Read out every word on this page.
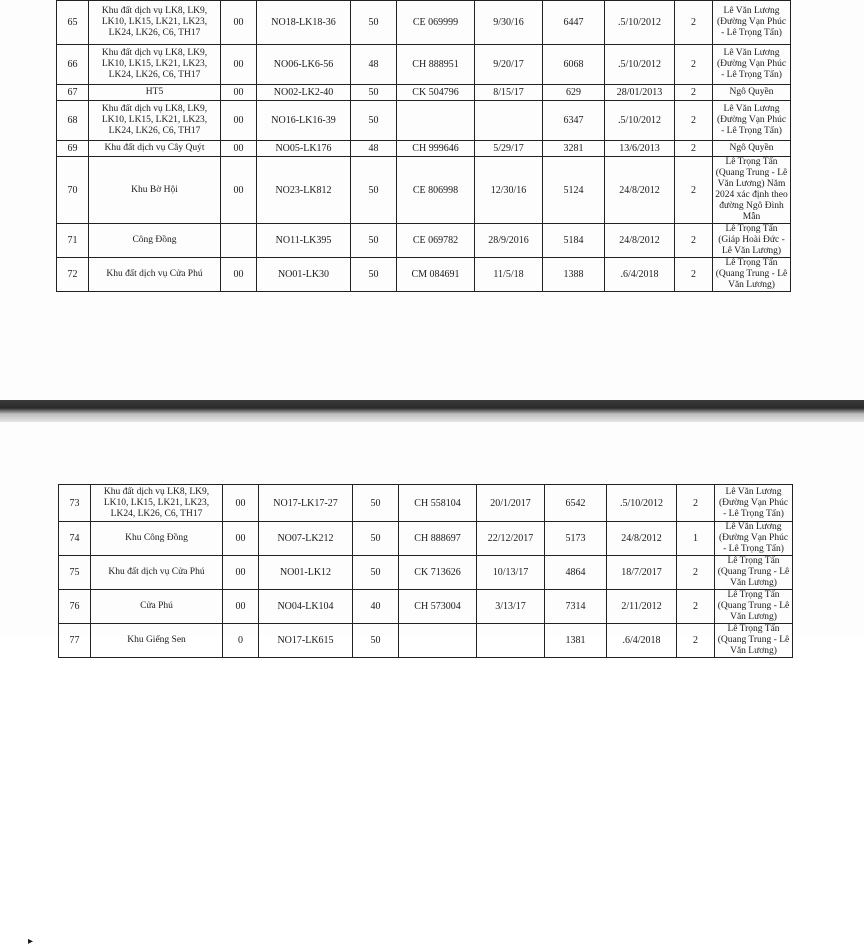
65	Khu đất dịch vụ LK8, LK9, LK10, LK15, LK21, LK23, LK24, LK26, C6, TH17	00	NO18-LK18-36	50	CE 069999	9/30/16	6447	.5/10/2012	2	Lê Văn Lương (Đường Vạn Phúc - Lê Trọng Tấn)
66	Khu đất dịch vụ LK8, LK9, LK10, LK15, LK21, LK23, LK24, LK26, C6, TH17	00	NO06-LK6-56	48	CH 888951	9/20/17	6068	.5/10/2012	2	Lê Văn Lương (Đường Vạn Phúc - Lê Trọng Tấn)
67	HT5	00	NO02-LK2-40	50	CK 504796	8/15/17	629	28/01/2013	2	Ngô Quyền
68	Khu đất dịch vụ LK8, LK9, LK10, LK15, LK21, LK23, LK24, LK26, C6, TH17	00	NO16-LK16-39	50			6347	.5/10/2012	2	Lê Văn Lương (Đường Vạn Phúc - Lê Trọng Tấn)
69	Khu đất dịch vụ Cây Quýt	00	NO05-LK176	48	CH 999646	5/29/17	3281	13/6/2013	2	Ngô Quyền
70	Khu Bờ Hội	00	NO23-LK812	50	CE 806998	12/30/16	5124	24/8/2012	2	Lê Trọng Tấn (Quang Trung - Lê Văn Lương) Năm 2024 xác định theo đường Ngô Đình Mẫn
71	Công Đồng		NO11-LK395	50	CE 069782	28/9/2016	5184	24/8/2012	2	Lê Trọng Tấn (Giáp Hoài Đức - Lê Văn Lương)
72	Khu đất dịch vụ Cửa Phú	00	NO01-LK30	50	CM 084691	11/5/18	1388	.6/4/2018	2	Lê Trọng Tấn (Quang Trung - Lê Văn Lương)
▸
73	Khu đất dịch vụ LK8, LK9, LK10, LK15, LK21, LK23, LK24, LK26, C6, TH17	00	NO17-LK17-27	50	CH 558104	20/1/2017	6542	.5/10/2012	2	Lê Văn Lương (Đường Vạn Phúc - Lê Trọng Tấn)
74	Khu Công Đồng	00	NO07-LK212	50	CH 888697	22/12/2017	5173	24/8/2012	1	Lê Văn Lương (Đường Vạn Phúc - Lê Trọng Tấn)
75	Khu đất dịch vụ Cửa Phú	00	NO01-LK12	50	CK 713626	10/13/17	4864	18/7/2017	2	Lê Trọng Tấn (Quang Trung - Lê Văn Lương)
76	Cửa Phú	00	NO04-LK104	40	CH 573004	3/13/17	7314	2/11/2012	2	Lê Trọng Tấn (Quang Trung - Lê Văn Lương)
77	Khu Giếng Sen	0	NO17-LK615	50			1381	.6/4/2018	2	Lê Trọng Tấn (Quang Trung - Lê Văn Lương)
